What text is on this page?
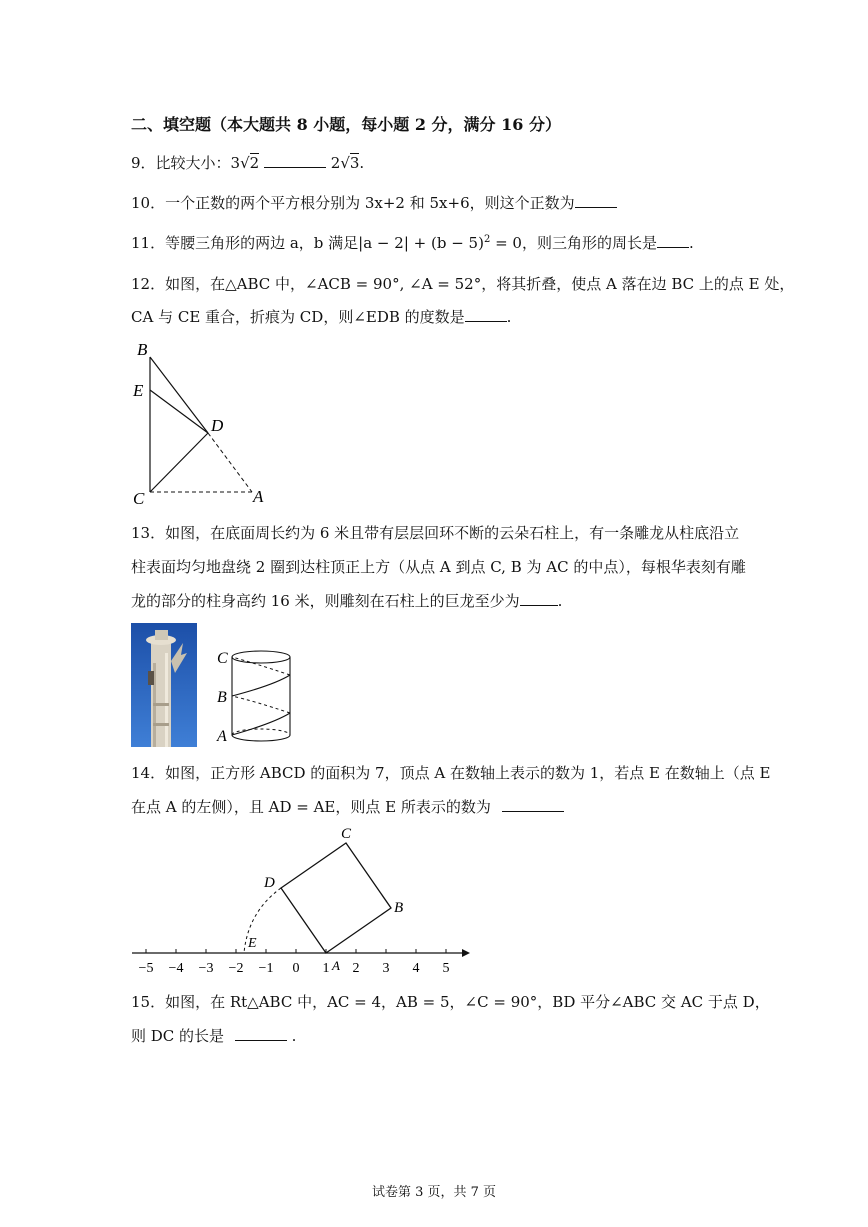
二、填空题（本大题共 8 小题，每小题 2 分，满分 16 分）
9．比较大小：3√2	2√3.
10．一个正数的两个平方根分别为 3x+2 和 5x+6，则这个正数为
11．等腰三角形的两边 a，b 满足$|a - 2| + (b - 5)^2 = 0$，则三角形的周长是 .
12．如图，在△ABC 中，∠ACB = 90°, ∠A = 52°，将其折叠，使点 A 落在边 BC 上的点 E 处，
CA 与 CE 重合，折痕为 CD，则∠EDB 的度数是	.
B
E
D
C	A
13．如图，在底面周长约为 6 米且带有层层回环不断的云朵石柱上，有一条雕龙从柱底沿立
柱表面均匀地盘绕 2 圈到达柱顶正上方（从点 A 到点 C, B 为 AC 的中点），每根华表刻有雕
龙的部分的柱身高约 16 米，则雕刻在石柱上的巨龙至少为	.
C
B
A
14．如图，正方形 ABCD 的面积为 7，顶点 A 在数轴上表示的数为 1，若点 E 在数轴上（点 E
在点 A 的左侧），且 AD = AE，则点 E 所表示的数为
−5 −4 −3 −2 −1 0 1 2 3 4 5
C
D
B
E
A
15．如图，在 Rt△ABC 中，AC = 4，AB = 5，∠C = 90°，BD 平分∠ABC 交 AC 于点 D，
则 DC 的长是	.
试卷第 3 页，共 7 页
